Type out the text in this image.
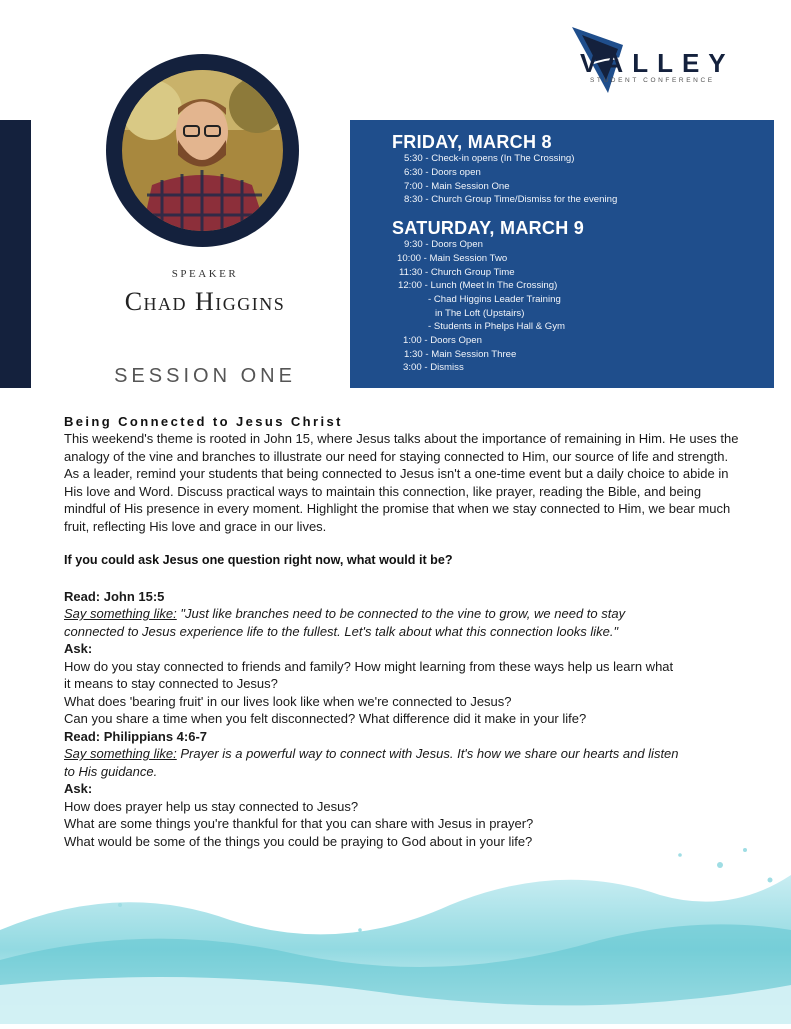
SPEAKER
Chad Higgins
SESSION ONE
VALLEY
STUDENT CONFERENCE
FRIDAY, MARCH 8
5:30 - Check-in opens (In The Crossing)
6:30 - Doors open
7:00 - Main Session One
8:30 - Church Group Time/Dismiss for the evening
SATURDAY, MARCH 9
9:30 - Doors Open
10:00 - Main Session Two
11:30 - Church Group Time
12:00 - Lunch (Meet In The Crossing)
- Chad Higgins Leader Training
in The Loft (Upstairs)
- Students in Phelps Hall & Gym
1:00 - Doors Open
1:30 - Main Session Three
3:00 - Dismiss
Being Connected to Jesus Christ
This weekend's theme is rooted in John 15, where Jesus talks about the importance of remaining in Him. He uses the analogy of the vine and branches to illustrate our need for staying connected to Him, our source of life and strength. As a leader, remind your students that being connected to Jesus isn't a one-time event but a daily choice to abide in His love and Word. Discuss practical ways to maintain this connection, like prayer, reading the Bible, and being mindful of His presence in every moment. Highlight the promise that when we stay connected to Him, we bear much fruit, reflecting His love and grace in our lives.
If you could ask Jesus one question right now, what would it be?
Read: John 15:5
Say something like: "Just like branches need to be connected to the vine to grow, we need to stay
connected to Jesus experience life to the fullest. Let's talk about what this connection looks like."
Ask:
How do you stay connected to friends and family? How might learning from these ways help us learn what
it means to stay connected to Jesus?
What does 'bearing fruit' in our lives look like when we're connected to Jesus?
Can you share a time when you felt disconnected? What difference did it make in your life?
Read: Philippians 4:6-7
Say something like: Prayer is a powerful way to connect with Jesus. It's how we share our hearts and listen
to His guidance.
Ask:
How does prayer help us stay connected to Jesus?
What are some things you're thankful for that you can share with Jesus in prayer?
What would be some of the things you could be praying to God about in your life?
